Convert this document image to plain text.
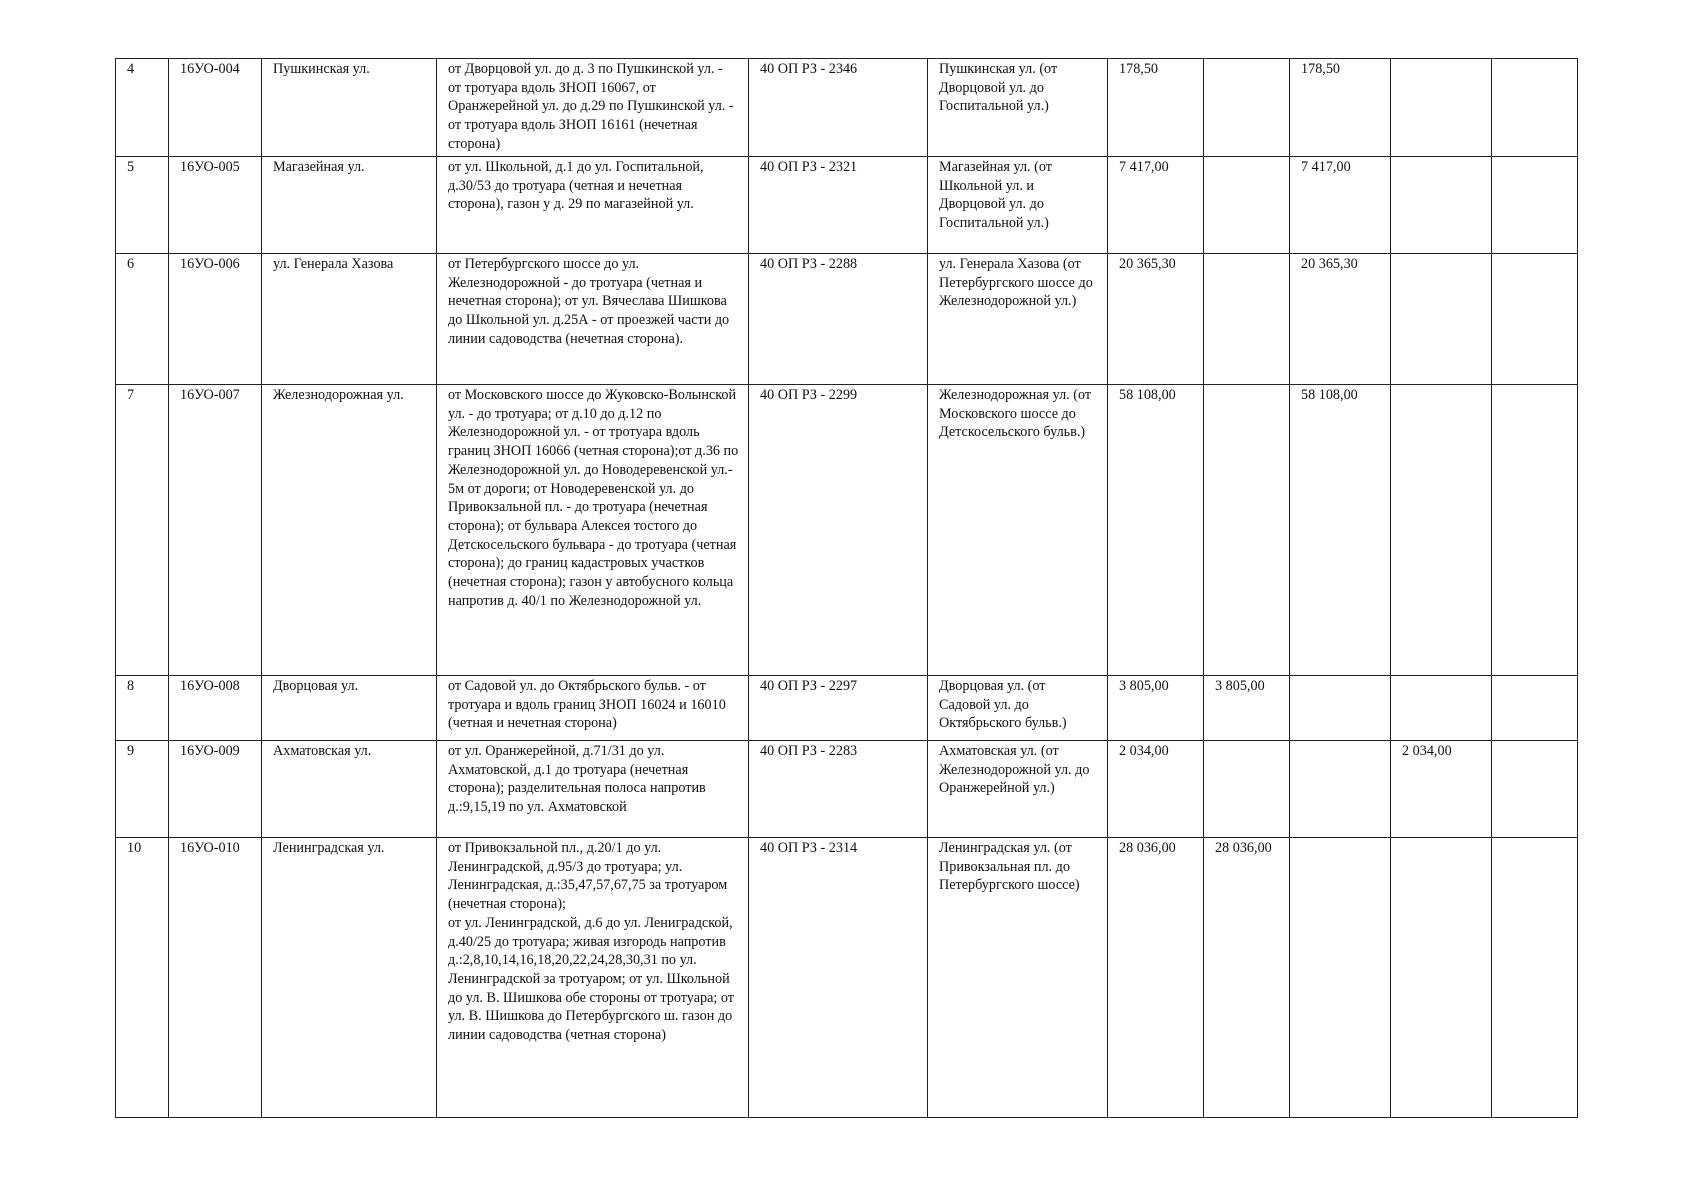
4	16УО-004	Пушкинская ул.	от Дворцовой ул. до д. 3 по Пушкинской ул. - от тротуара вдоль ЗНОП 16067, от Оранжерейной ул. до д.29 по Пушкинской ул. - от тротуара вдоль ЗНОП 16161 (нечетная сторона)	40 ОП РЗ - 2346	Пушкинская ул. (от Дворцовой ул. до Госпитальной ул.)	178,50		178,50		
5	16УО-005	Магазейная ул.	от ул. Школьной, д.1 до ул. Госпитальной, д.30/53 до тротуара (четная и нечетная сторона), газон у д. 29 по магазейной ул.	40 ОП РЗ - 2321	Магазейная ул. (от Школьной ул. и Дворцовой ул. до Госпитальной ул.)	7 417,00		7 417,00		
6	16УО-006	ул. Генерала Хазова	от Петербургского шоссе до ул. Железнодорожной - до тротуара (четная и нечетная сторона); от ул. Вячеслава Шишкова до Школьной ул. д.25А - от проезжей части до линии садоводства (нечетная сторона).	40 ОП РЗ - 2288	ул. Генерала Хазова (от Петербургского шоссе до Железнодорожной ул.)	20 365,30		20 365,30		
7	16УО-007	Железнодорожная ул.	от Московского шоссе до Жуковско-Волынской ул. - до тротуара; от д.10 до д.12 по Железнодорожной ул. - от тротуара вдоль границ ЗНОП 16066 (четная сторона);от д.36 по Железнодорожной ул. до Новодеревенской ул.- 5м от дороги; от Новодеревенской ул. до Привокзальной пл. - до тротуара (нечетная сторона); от бульвара Алексея тостого до Детскосельского бульвара - до тротуара (четная сторона); до границ кадастровых участков (нечетная сторона); газон у автобусного кольца напротив д. 40/1 по Железнодорожной ул.	40 ОП РЗ - 2299	Железнодорожная ул. (от Московского шоссе до Детскосельского бульв.)	58 108,00		58 108,00		
8	16УО-008	Дворцовая ул.	от Садовой ул. до Октябрьского бульв. - от тротуара и вдоль границ ЗНОП 16024 и 16010 (четная и нечетная сторона)	40 ОП РЗ - 2297	Дворцовая ул. (от Садовой ул. до Октябрьского бульв.)	3 805,00	3 805,00			
9	16УО-009	Ахматовская ул.	от ул. Оранжерейной, д.71/31 до ул. Ахматовской, д.1 до тротуара (нечетная сторона); разделительная полоса напротив д.:9,15,19 по ул. Ахматовской	40 ОП РЗ - 2283	Ахматовская ул. (от Железнодорожной ул. до Оранжерейной ул.)	2 034,00			2 034,00	
10	16УО-010	Ленинградская ул.	от Привокзальной пл., д.20/1 до ул. Ленинградской, д.95/3 до тротуара; ул. Ленинградская, д.:35,47,57,67,75 за тротуаром (нечетная сторона);
от ул. Ленинградской, д.6 до ул. Лениградской, д.40/25 до тротуара; живая изгородь напротив д.:2,8,10,14,16,18,20,22,24,28,30,31 по ул. Ленинградской за тротуаром; от ул. Школьной до ул. В. Шишкова обе стороны от тротуара; от ул. В. Шишкова до Петербургского ш. газон до линии садоводства (четная сторона)	40 ОП РЗ - 2314	Ленинградская ул. (от Привокзальная пл. до Петербургского шоссе)	28 036,00	28 036,00			
